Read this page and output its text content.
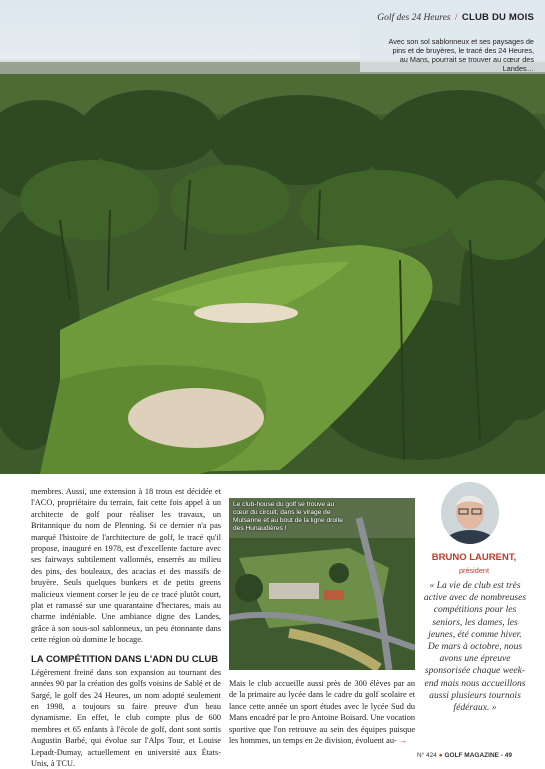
Golf des 24 Heures / CLUB DU MOIS
Avec son sol sablonneux et ses paysages de pins et de bruyères, le tracé des 24 Heures, au Mans, pourrait se trouver au cœur des Landes…

membres. Aussi, une extension à 18 trous est décidée et l'ACO, propriétaire du terrain, fait cette fois appel à un architecte de golf pour réaliser les travaux, un Britannique du nom de Plenning. Si ce dernier n'a pas marqué l'histoire de l'architecture de golf, le tracé qu'il propose, inauguré en 1978, est d'excellente facture avec ses fairways subtilement vallonnés, enserrés au milieu des pins, des bouleaux, des acacias et des massifs de bruyère. Seuls quelques bunkers et de petits greens malicieux viennent corser le jeu de ce tracé plutôt court, plat et ramassé sur une quarantaine d'hectares, mais au charme indéniable. Une ambiance digne des Landes, grâce à son sous-sol sablonneux, un peu étonnante dans cette région où domine le bocage.

LA COMPÉTITION DANS L'ADN DU CLUB

Légèrement freiné dans son expansion au tournant des années 90 par la création des golfs voisins de Sablé et de Sargé, le golf des 24 Heures, un nom adopté seulement en 1998, a toujours su faire preuve d'un beau dynamisme. En effet, le club compte plus de 600 membres et 65 enfants à l'école de golf, dont sont sortis Augustin Barbé, qui évolue sur l'Alps Tour, et Louise Lepadt-Dumay, actuellement en université aux États-Unis, à TCU.

Le club-house du golf se trouve au cœur du circuit, dans le virage de Mulsanne et au bout de la ligne droite des Hunaudières !
Mais le club accueille aussi près de 300 élèves par an de la primaire au lycée dans le cadre du golf scolaire et lance cette année un sport études avec le lycée Sud du Mans encadré par le pro Antoine Boisard. Une vocation sportive que l'on retrouve au sein des équipes puisque les hommes, un temps en 2e division, évoluent au- →
BRUNO LAURENT,
président
« La vie de club est très active avec de nombreuses compétitions pour les seniors, les dames, les jeunes, été comme hiver. De mars à octobre, nous avons une épreuve sponsorisée chaque week-end mais nous accueillons aussi plusieurs tournois fédéraux. »
N° 424 ● GOLF MAGAZINE - 49
